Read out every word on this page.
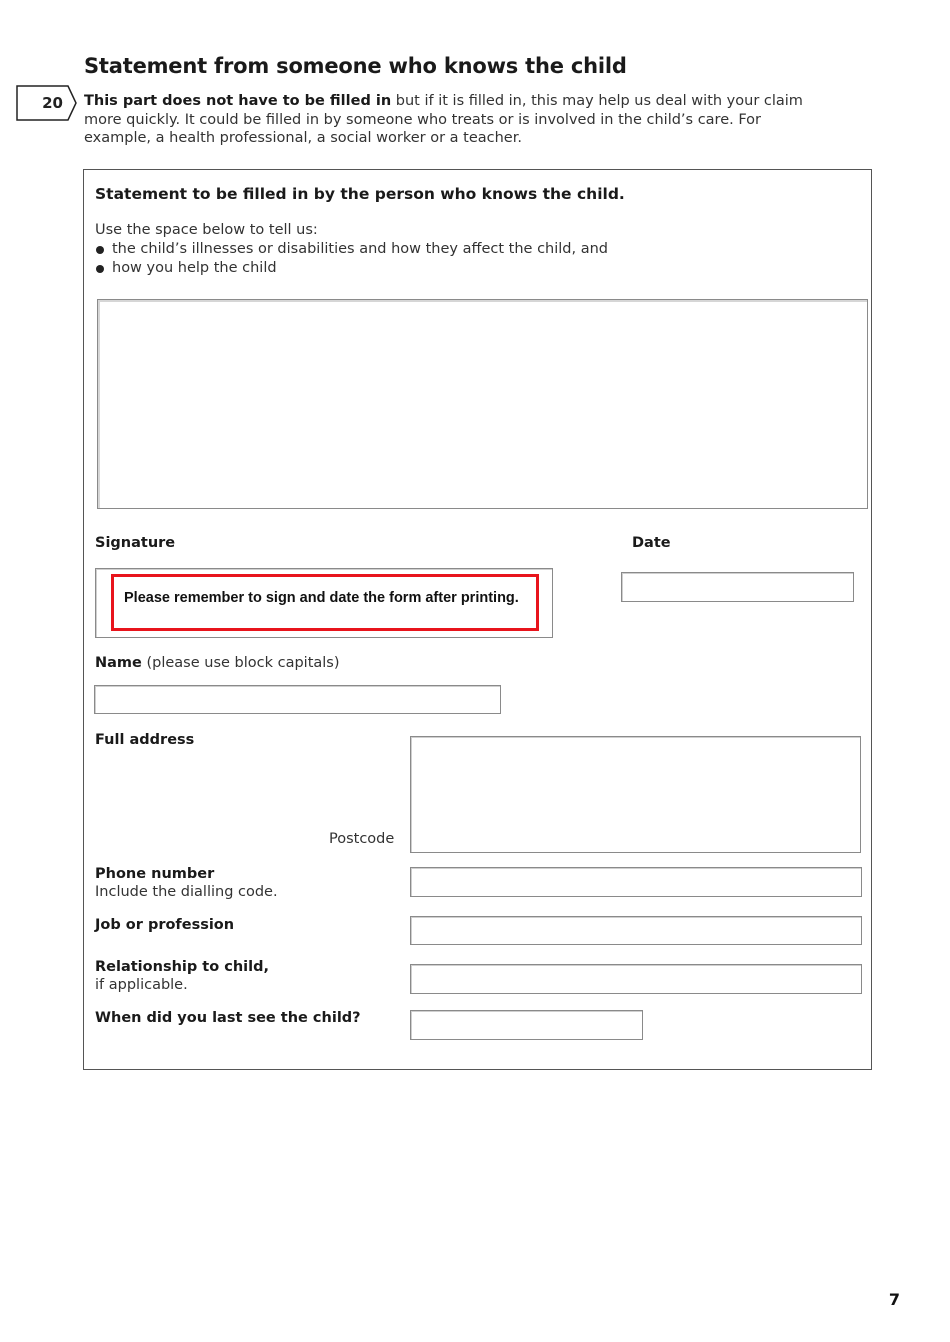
Statement from someone who knows the child
20 This part does not have to be filled in but if it is filled in, this may help us deal with your claim more quickly. It could be filled in by someone who treats or is involved in the child’s care. For example, a health professional, a social worker or a teacher.
Statement to be filled in by the person who knows the child.
Use the space below to tell us:
the child’s illnesses or disabilities and how they affect the child, and
how you help the child
Signature	Date
Please remember to sign and date the form after printing.
Name (please use block capitals)
Full address
Postcode
Phone number
Include the dialling code.
Job or profession
Relationship to child,
if applicable.
When did you last see the child?
7
